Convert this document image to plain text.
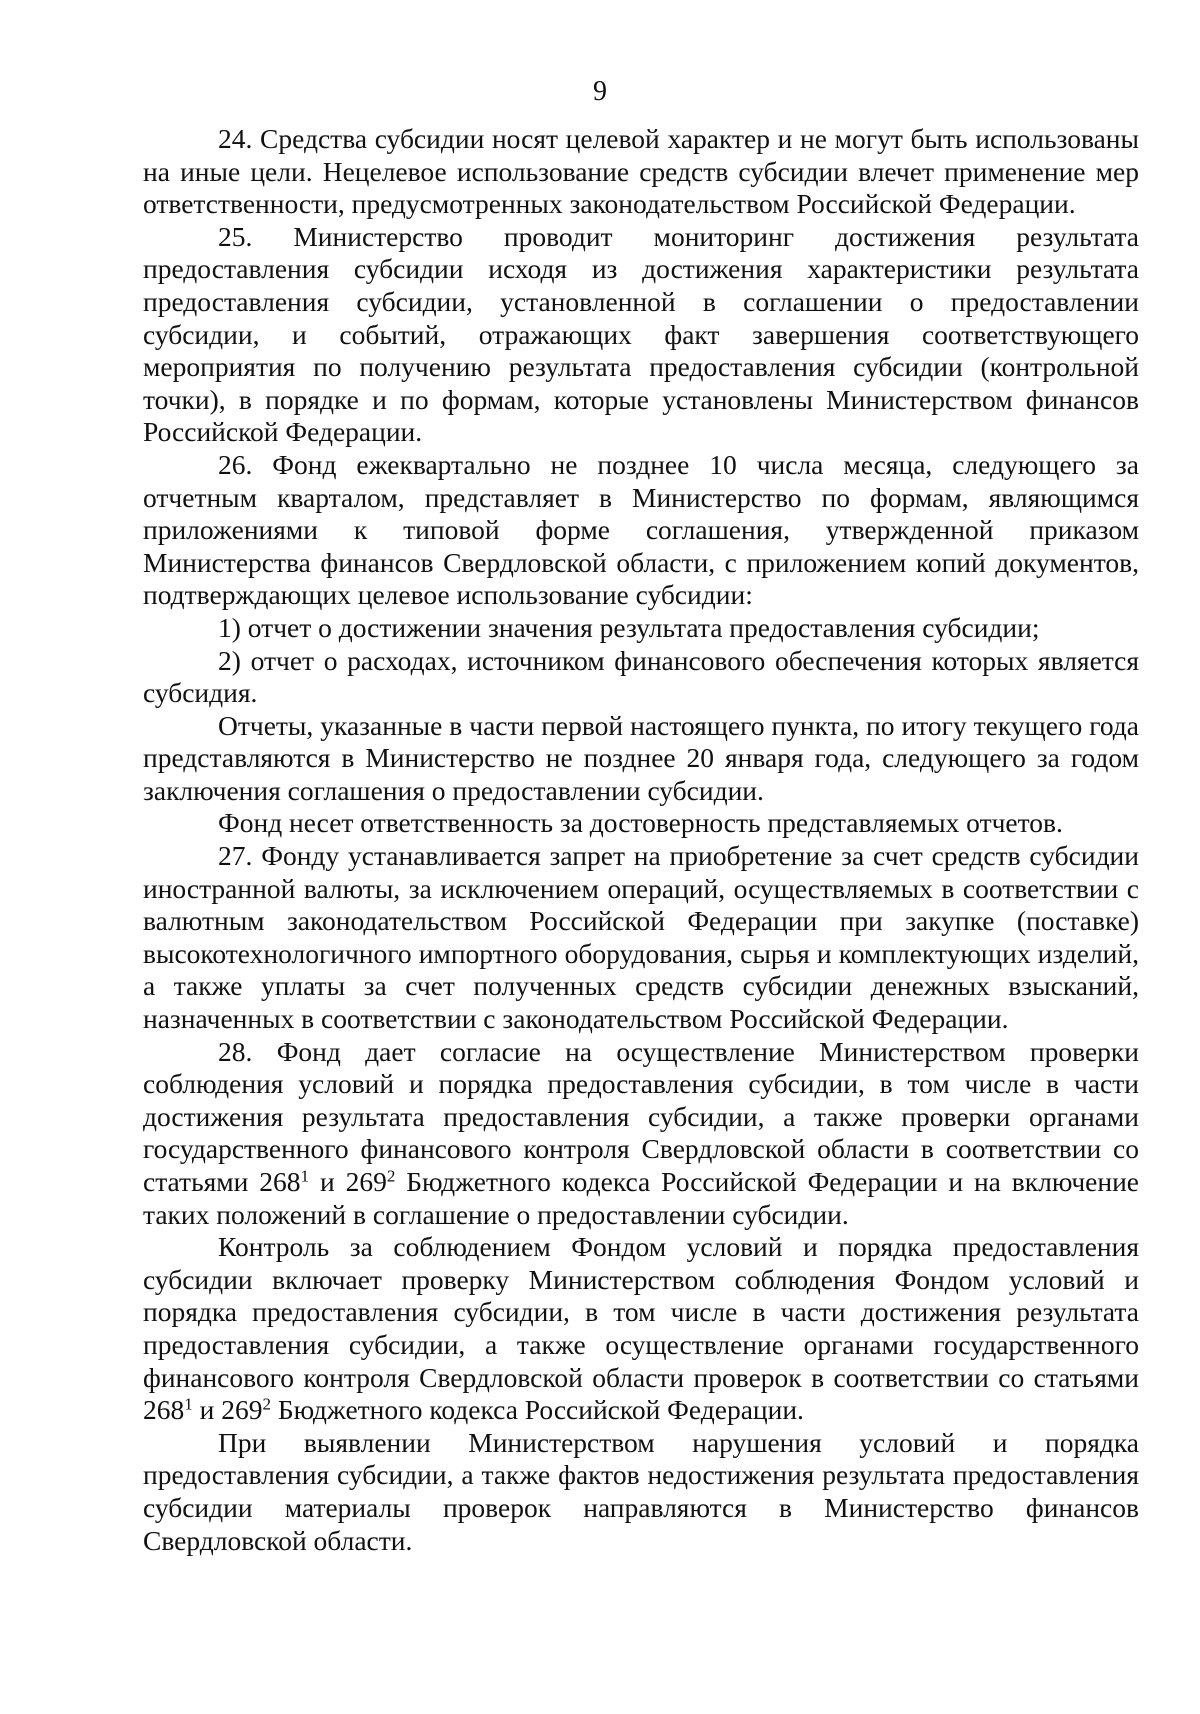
9

24. Средства субсидии носят целевой характер и не могут быть использованы на иные цели. Нецелевое использование средств субсидии влечет применение мер ответственности, предусмотренных законодательством Российской Федерации.

25. Министерство проводит мониторинг достижения результата предоставления субсидии исходя из достижения характеристики результата предоставления субсидии, установленной в соглашении о предоставлении субсидии, и событий, отражающих факт завершения соответствующего мероприятия по получению результата предоставления субсидии (контрольной точки), в порядке и по формам, которые установлены Министерством финансов Российской Федерации.

26. Фонд ежеквартально не позднее 10 числа месяца, следующего за отчетным кварталом, представляет в Министерство по формам, являющимся приложениями к типовой форме соглашения, утвержденной приказом Министерства финансов Свердловской области, с приложением копий документов, подтверждающих целевое использование субсидии:

1) отчет о достижении значения результата предоставления субсидии;

2) отчет о расходах, источником финансового обеспечения которых является субсидия.

Отчеты, указанные в части первой настоящего пункта, по итогу текущего года представляются в Министерство не позднее 20 января года, следующего за годом заключения соглашения о предоставлении субсидии.

Фонд несет ответственность за достоверность представляемых отчетов.

27. Фонду устанавливается запрет на приобретение за счет средств субсидии иностранной валюты, за исключением операций, осуществляемых в соответствии с валютным законодательством Российской Федерации при закупке (поставке) высокотехнологичного импортного оборудования, сырья и комплектующих изделий, а также уплаты за счет полученных средств субсидии денежных взысканий, назначенных в соответствии с законодательством Российской Федерации.

28. Фонд дает согласие на осуществление Министерством проверки соблюдения условий и порядка предоставления субсидии, в том числе в части достижения результата предоставления субсидии, а также проверки органами государственного финансового контроля Свердловской области в соответствии со статьями $268^1$ и $269^2$ Бюджетного кодекса Российской Федерации и на включение таких положений в соглашение о предоставлении субсидии.

Контроль за соблюдением Фондом условий и порядка предоставления субсидии включает проверку Министерством соблюдения Фондом условий и порядка предоставления субсидии, в том числе в части достижения результата предоставления субсидии, а также осуществление органами государственного финансового контроля Свердловской области проверок в соответствии со статьями $268^1$ и $269^2$ Бюджетного кодекса Российской Федерации.

При выявлении Министерством нарушения условий и порядка предоставления субсидии, а также фактов недостижения результата предоставления субсидии материалы проверок направляются в Министерство финансов Свердловской области.
